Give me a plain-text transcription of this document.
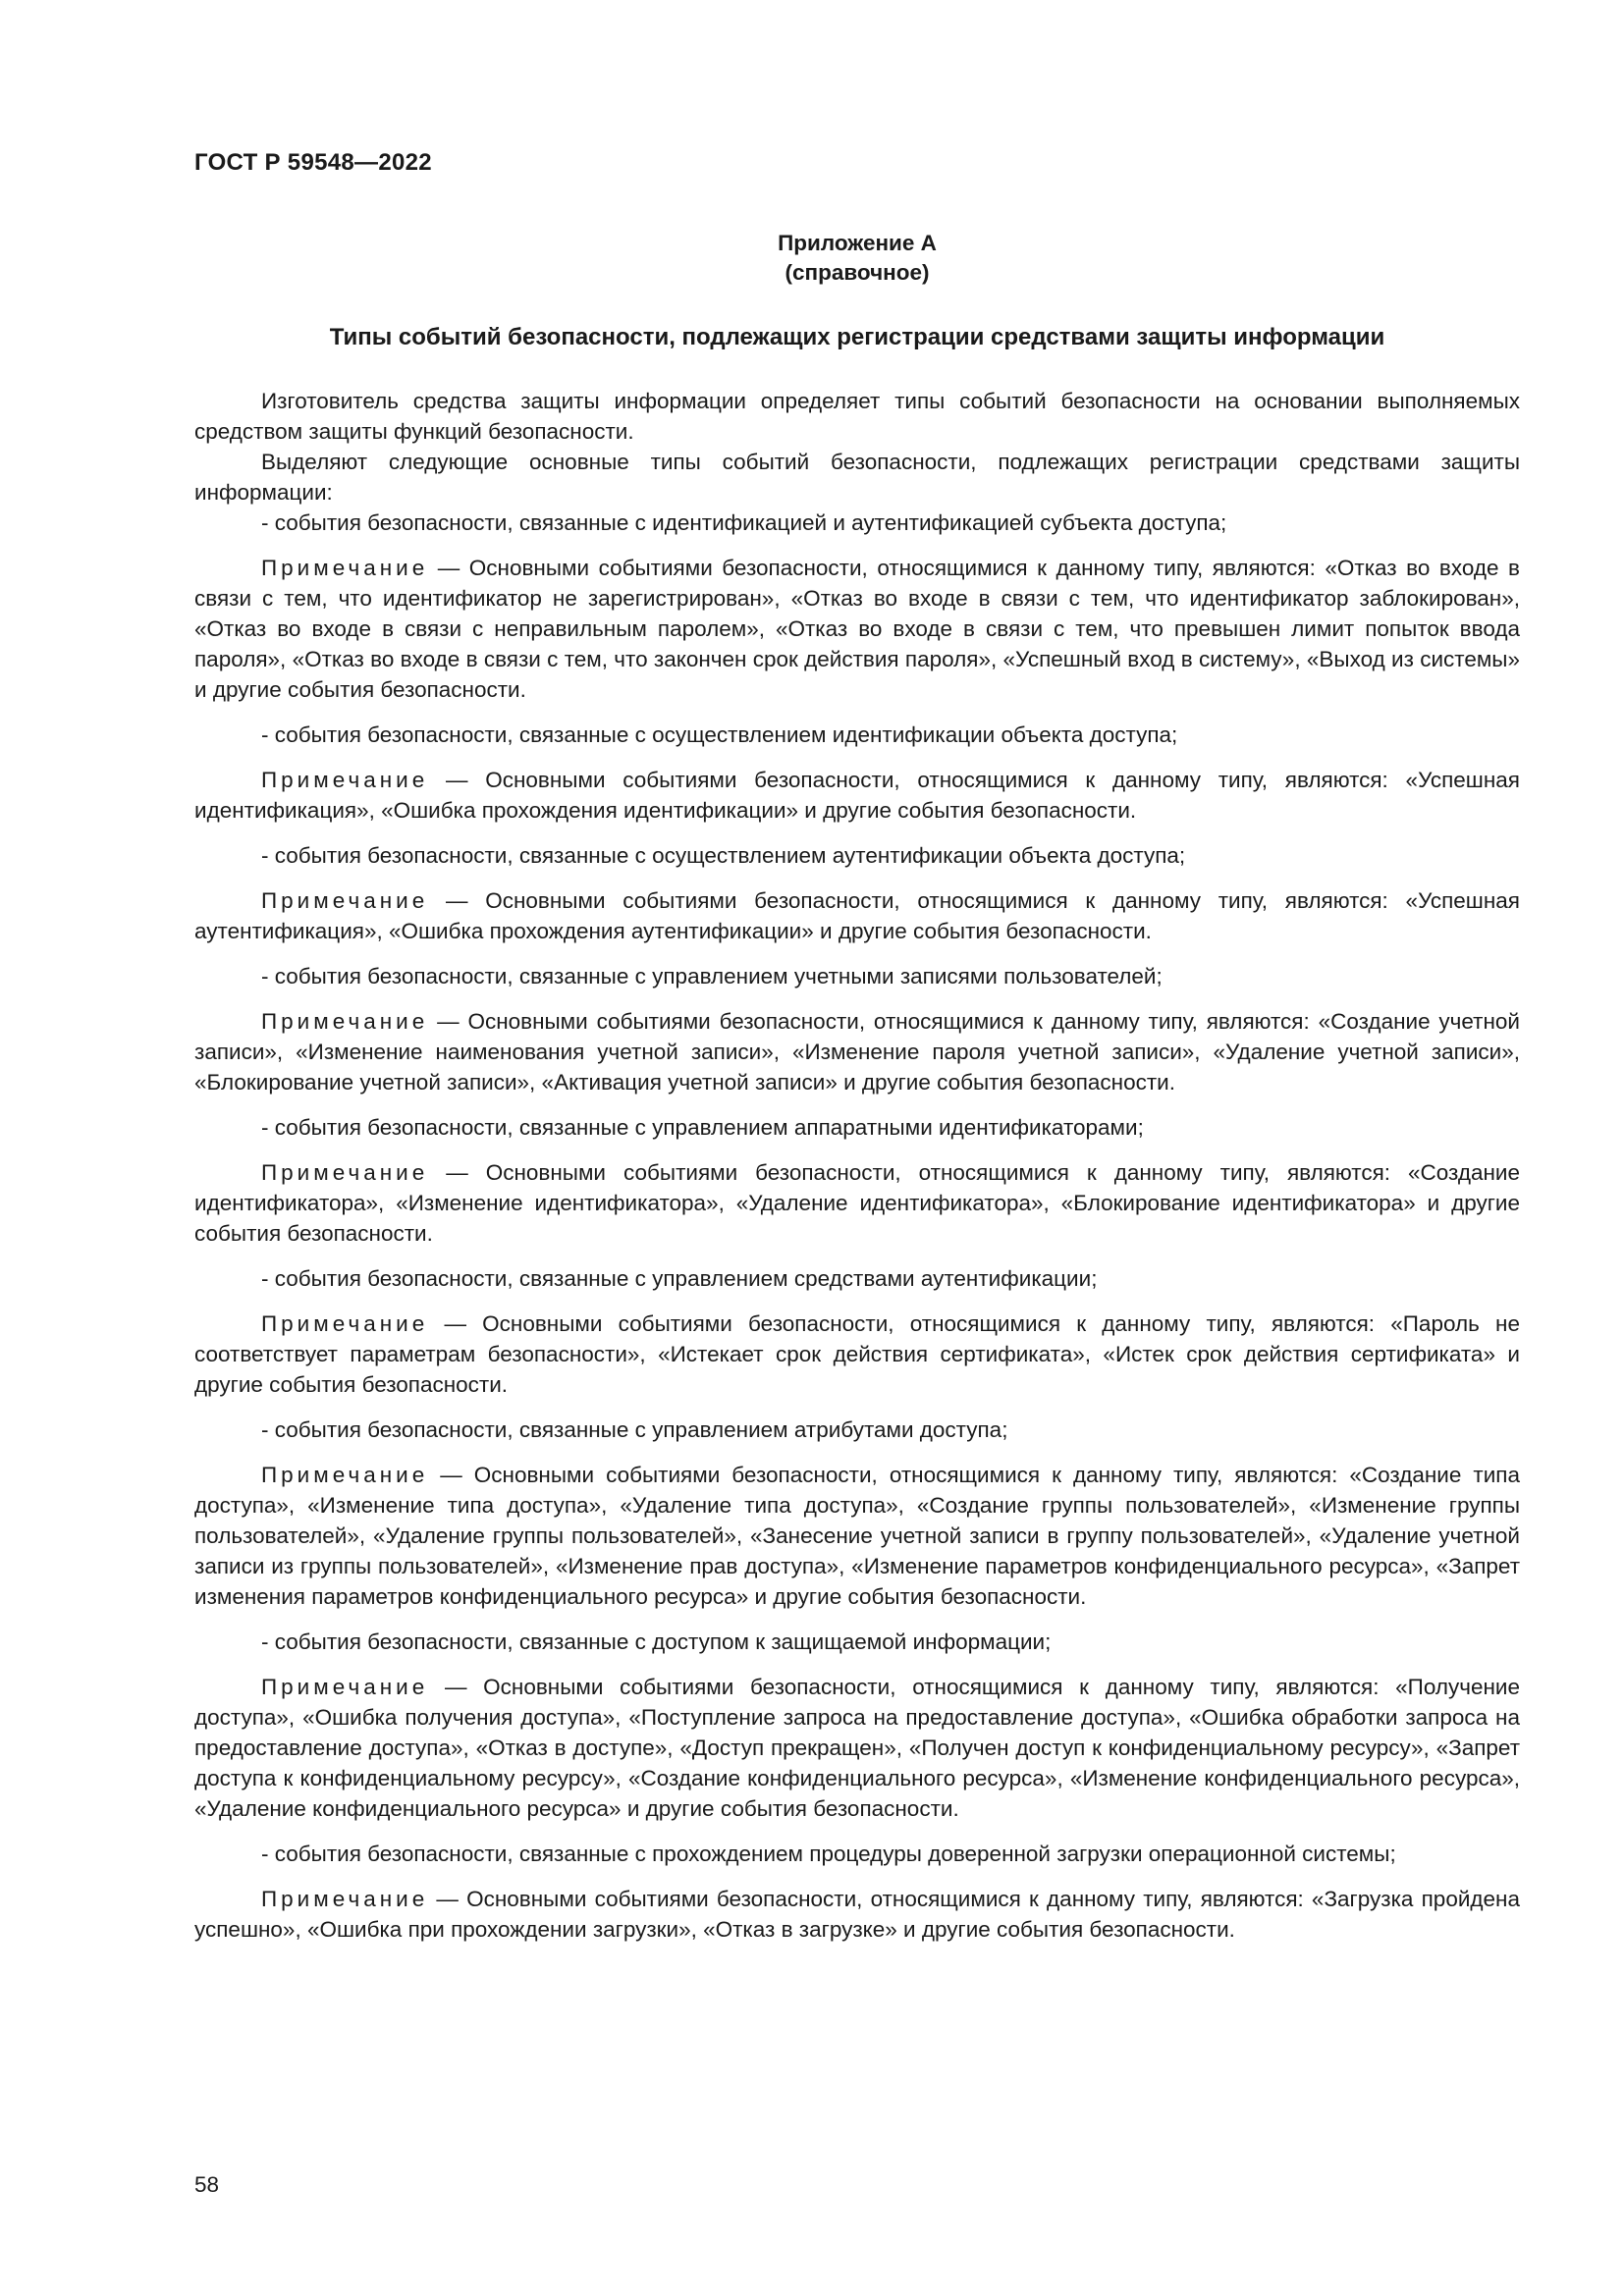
ГОСТ Р 59548—2022
Приложение А
(справочное)
Типы событий безопасности, подлежащих регистрации средствами защиты информации

Изготовитель средства защиты информации определяет типы событий безопасности на основании выполняемых средством защиты функций безопасности.

Выделяют следующие основные типы событий безопасности, подлежащих регистрации средствами защиты информации:

- события безопасности, связанные с идентификацией и аутентификацией субъекта доступа;

Примечание — Основными событиями безопасности, относящимися к данному типу, являются: «Отказ во входе в связи с тем, что идентификатор не зарегистрирован», «Отказ во входе в связи с тем, что идентификатор заблокирован», «Отказ во входе в связи с неправильным паролем», «Отказ во входе в связи с тем, что превышен лимит попыток ввода пароля», «Отказ во входе в связи с тем, что закончен срок действия пароля», «Успешный вход в систему», «Выход из системы» и другие события безопасности.

- события безопасности, связанные с осуществлением идентификации объекта доступа;

Примечание — Основными событиями безопасности, относящимися к данному типу, являются: «Успешная идентификация», «Ошибка прохождения идентификации» и другие события безопасности.

- события безопасности, связанные с осуществлением аутентификации объекта доступа;

Примечание — Основными событиями безопасности, относящимися к данному типу, являются: «Успешная аутентификация», «Ошибка прохождения аутентификации» и другие события безопасности.

- события безопасности, связанные с управлением учетными записями пользователей;

Примечание — Основными событиями безопасности, относящимися к данному типу, являются: «Создание учетной записи», «Изменение наименования учетной записи», «Изменение пароля учетной записи», «Удаление учетной записи», «Блокирование учетной записи», «Активация учетной записи» и другие события безопасности.

- события безопасности, связанные с управлением аппаратными идентификаторами;

Примечание — Основными событиями безопасности, относящимися к данному типу, являются: «Создание идентификатора», «Изменение идентификатора», «Удаление идентификатора», «Блокирование идентификатора» и другие события безопасности.

- события безопасности, связанные с управлением средствами аутентификации;

Примечание — Основными событиями безопасности, относящимися к данному типу, являются: «Пароль не соответствует параметрам безопасности», «Истекает срок действия сертификата», «Истек срок действия сертификата» и другие события безопасности.

- события безопасности, связанные с управлением атрибутами доступа;

Примечание — Основными событиями безопасности, относящимися к данному типу, являются: «Создание типа доступа», «Изменение типа доступа», «Удаление типа доступа», «Создание группы пользователей», «Изменение группы пользователей», «Удаление группы пользователей», «Занесение учетной записи в группу пользователей», «Удаление учетной записи из группы пользователей», «Изменение прав доступа», «Изменение параметров конфиденциального ресурса», «Запрет изменения параметров конфиденциального ресурса» и другие события безопасности.

- события безопасности, связанные с доступом к защищаемой информации;

Примечание — Основными событиями безопасности, относящимися к данному типу, являются: «Получение доступа», «Ошибка получения доступа», «Поступление запроса на предоставление доступа», «Ошибка обработки запроса на предоставление доступа», «Отказ в доступе», «Доступ прекращен», «Получен доступ к конфиденциальному ресурсу», «Запрет доступа к конфиденциальному ресурсу», «Создание конфиденциального ресурса», «Изменение конфиденциального ресурса», «Удаление конфиденциального ресурса» и другие события безопасности.

- события безопасности, связанные с прохождением процедуры доверенной загрузки операционной системы;

Примечание — Основными событиями безопасности, относящимися к данному типу, являются: «Загрузка пройдена успешно», «Ошибка при прохождении загрузки», «Отказ в загрузке» и другие события безопасности.

58
